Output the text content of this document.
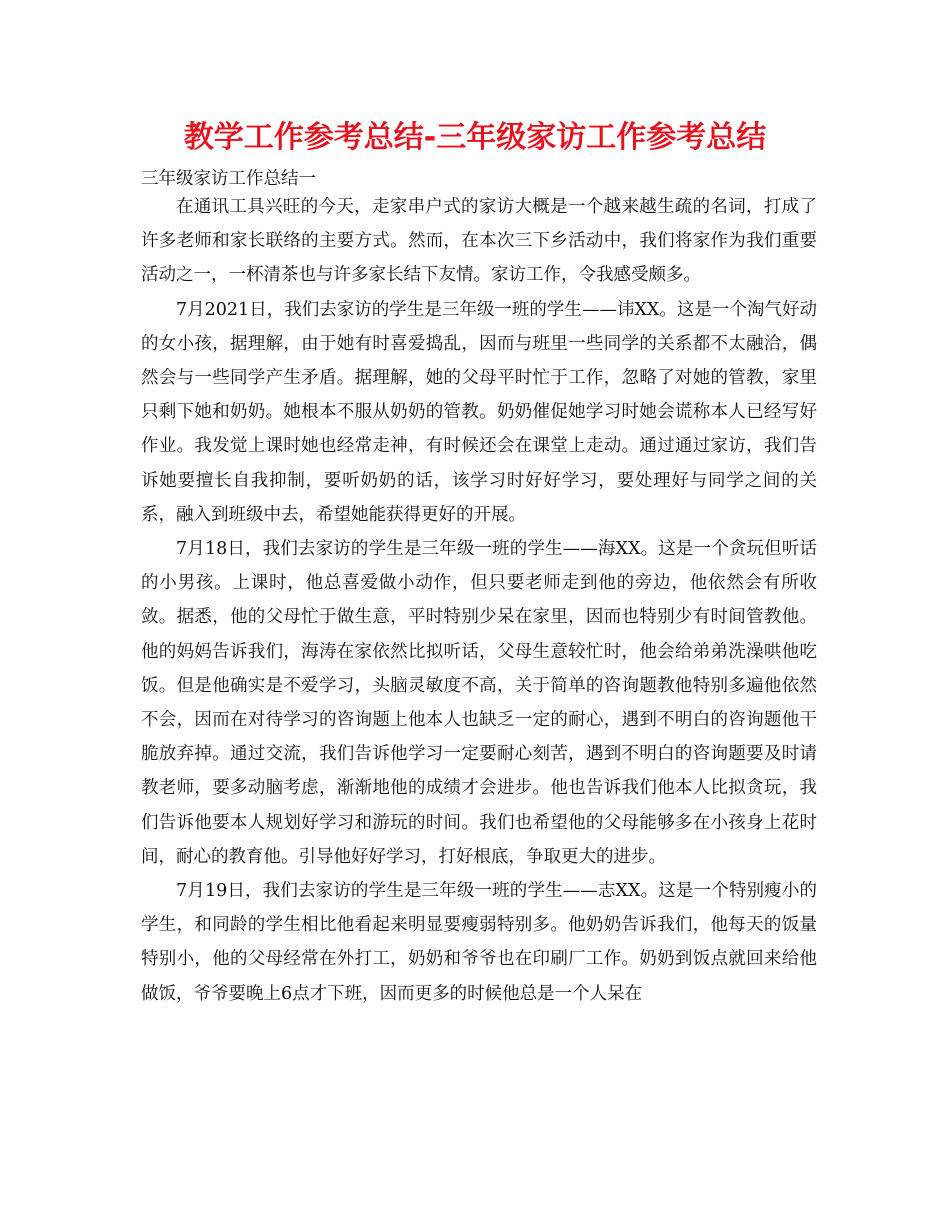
教学工作参考总结-三年级家访工作参考总结

三年级家访工作总结一

在通讯工具兴旺的今天，走家串户式的家访大概是一个越来越生疏的名词，打成了许多老师和家长联络的主要方式。然而，在本次三下乡活动中，我们将家作为我们重要活动之一，一杯清茶也与许多家长结下友情。家访工作，令我感受颇多。

7月2021日，我们去家访的学生是三年级一班的学生——讳XX。这是一个淘气好动的女小孩，据理解，由于她有时喜爱捣乱，因而与班里一些同学的关系都不太融洽，偶然会与一些同学产生矛盾。据理解，她的父母平时忙于工作，忽略了对她的管教，家里只剩下她和奶奶。她根本不服从奶奶的管教。奶奶催促她学习时她会谎称本人已经写好作业。我发觉上课时她也经常走神，有时候还会在课堂上走动。通过通过家访，我们告诉她要擅长自我抑制，要听奶奶的话，该学习时好好学习，要处理好与同学之间的关系，融入到班级中去，希望她能获得更好的开展。

7月18日，我们去家访的学生是三年级一班的学生——海XX。这是一个贪玩但听话的小男孩。上课时，他总喜爱做小动作，但只要老师走到他的旁边，他依然会有所收敛。据悉，他的父母忙于做生意，平时特别少呆在家里，因而也特别少有时间管教他。他的妈妈告诉我们，海涛在家依然比拟听话，父母生意较忙时，他会给弟弟洗澡哄他吃饭。但是他确实是不爱学习，头脑灵敏度不高，关于简单的咨询题教他特别多遍他依然不会，因而在对待学习的咨询题上他本人也缺乏一定的耐心，遇到不明白的咨询题他干脆放弃掉。通过交流，我们告诉他学习一定要耐心刻苦，遇到不明白的咨询题要及时请教老师，要多动脑考虑，渐渐地他的成绩才会进步。他也告诉我们他本人比拟贪玩，我们告诉他要本人规划好学习和游玩的时间。我们也希望他的父母能够多在小孩身上花时间，耐心的教育他。引导他好好学习，打好根底，争取更大的进步。

7月19日，我们去家访的学生是三年级一班的学生——志XX。这是一个特别瘦小的学生，和同龄的学生相比他看起来明显要瘦弱特别多。他奶奶告诉我们，他每天的饭量特别小，他的父母经常在外打工，奶奶和爷爷也在印刷厂工作。奶奶到饭点就回来给他做饭，爷爷要晚上6点才下班，因而更多的时候他总是一个人呆在
